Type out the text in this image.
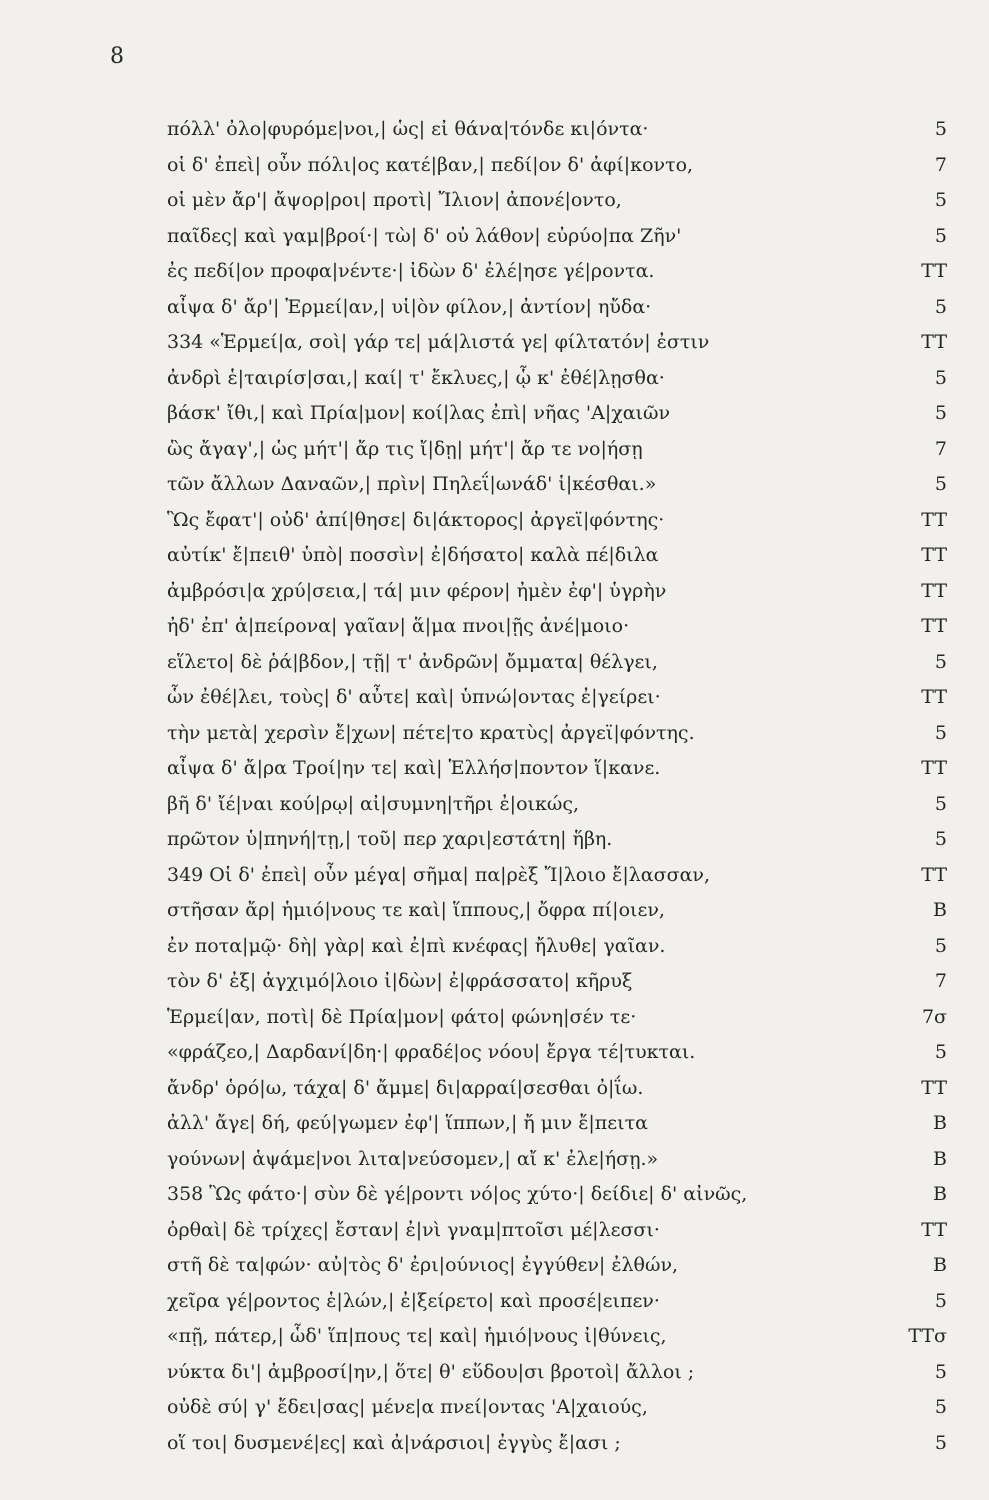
8
πόλλ' ὀλο|φυρόμε|νοι,| ὡς| εἰ θάνα|τόνδε κι|όντα·	5
οἱ δ' ἐπεὶ| οὖν πόλι|ος κατέ|βαν,| πεδί|ον δ' ἀφί|κοντο,	7
οἱ μὲν ἄρ'| ἄψορ|ροι| προτὶ| Ἴλιον| ἀπονέ|οντο,	5
παῖδες| καὶ γαμ|βροί·| τὼ| δ' οὐ λάθον| εὐρύο|πα Ζῆν'	5
ἐς πεδί|ον προφα|νέντε·| ἰδὼν δ' ἐλέ|ησε γέ|ροντα.	TT
αἶψα δ' ἄρ'| Ἑρμεί|αν,| υἱ|ὸν φίλον,| ἀντίον| ηὔδα·	5
334 «Ἑρμεί|α, σοὶ| γάρ τε| μά|λιστά γε| φίλτατόν| ἐστιν	TT
ἀνδρὶ ἑ|ταιρίσ|σαι,| καί| τ' ἔκλυες,| ᾧ κ' ἐθέ|λῃσθα·	5
βάσκ' ἴθι,| καὶ Πρία|μον| κοί|λας ἐπὶ| νῆας 'Α|χαιῶν	5
ὣς ἄγαγ',| ὡς μήτ'| ἄρ τις ἴ|δῃ| μήτ'| ἄρ τε νο|ήσῃ	7
τῶν ἄλλων Δαναῶν,| πρὶν| Πηλεΐ|ωνάδ' ἱ|κέσθαι.»	5
Ὣς ἔφατ'| οὐδ' ἀπί|θησε| δι|άκτορος| ἀργεϊ|φόντης·	TT
αὐτίκ' ἔ|πειθ' ὑπὸ| ποσσὶν| ἐ|δήσατο| καλὰ πέ|διλα	TT
ἀμβρόσι|α χρύ|σεια,| τά| μιν φέρον| ἠμὲν ἐφ'| ὑγρὴν	TT
ἠδ' ἐπ' ἀ|πείρονα| γαῖαν| ἅ|μα πνοι|ῇς ἀνέ|μοιο·	TT
εἵλετο| δὲ ῥά|βδον,| τῇ| τ' ἀνδρῶν| ὄμματα| θέλγει,	5
ὧν ἐθέ|λει, τοὺς| δ' αὖτε| καὶ| ὑπνώ|οντας ἐ|γείρει·	TT
τὴν μετὰ| χερσὶν ἔ|χων| πέτε|το κρατὺς| ἀργεϊ|φόντης.	5
αἶψα δ' ἄ|ρα Τροί|ην τε| καὶ| Ἑλλήσ|ποντον ἵ|κανε.	TT
βῆ δ' ἴέ|ναι κού|ρῳ| αἰ|συμνη|τῆρι ἐ|οικώς,	5
πρῶτον ὑ|πηνή|τῃ,| τοῦ| περ χαρι|εστάτη| ἥβη.	5
349 Οἱ δ' ἐπεὶ| οὖν μέγα| σῆμα| πα|ρὲξ Ἴ|λοιο ἔ|λασσαν,	TT
στῆσαν ἄρ| ἡμιό|νους τε καὶ| ἵππους,| ὄφρα πί|οιεν,	B
ἐν ποτα|μῷ· δὴ| γὰρ| καὶ ἐ|πὶ κνέφας| ἤλυθε| γαῖαν.	5
τὸν δ' ἐξ| ἀγχιμό|λοιο ἰ|δὼν| ἐ|φράσσατο| κῆρυξ	7
Ἑρμεί|αν, ποτὶ| δὲ Πρία|μον| φάτο| φώνη|σέν τε·	7σ
«φράζεο,| Δαρδανί|δη·| φραδέ|ος νόου| ἔργα τέ|τυκται.	5
ἄνδρ' ὁρό|ω, τάχα| δ' ἄμμε| δι|αρραί|σεσθαι ὀ|ΐω.	TT
ἀλλ' ἄγε| δή, φεύ|γωμεν ἐφ'| ἵππων,| ἤ μιν ἔ|πειτα	B
γούνων| ἁψάμε|νοι λιτα|νεύσομεν,| αἴ κ' ἐλε|ήσῃ.»	B
358 Ὣς φάτο·| σὺν δὲ γέ|ροντι νό|ος χύτο·| δείδιε| δ' αἰνῶς,	B
ὀρθαὶ| δὲ τρίχες| ἔσταν| ἐ|νὶ γναμ|πτοῖσι μέ|λεσσι·	TT
στῆ δὲ τα|φών· αὐ|τὸς δ' ἐρι|ούνιος| ἐγγύθεν| ἐλθών,	B
χεῖρα γέ|ροντος ἑ|λών,| ἐ|ξείρετο| καὶ προσέ|ειπεν·	5
«πῇ, πάτερ,| ὧδ' ἵπ|πους τε| καὶ| ἡμιό|νους ἰ|θύνεις,	TTσ
νύκτα δι'| ἀμβροσί|ην,| ὅτε| θ' εὕδου|σι βροτοὶ| ἄλλοι ;	5
οὐδὲ σύ| γ' ἔδει|σας| μένε|α πνεί|οντας 'Α|χαιούς,	5
οἵ τοι| δυσμενέ|ες| καὶ ἀ|νάρσιοι| ἐγγὺς ἔ|ασι ;	5
